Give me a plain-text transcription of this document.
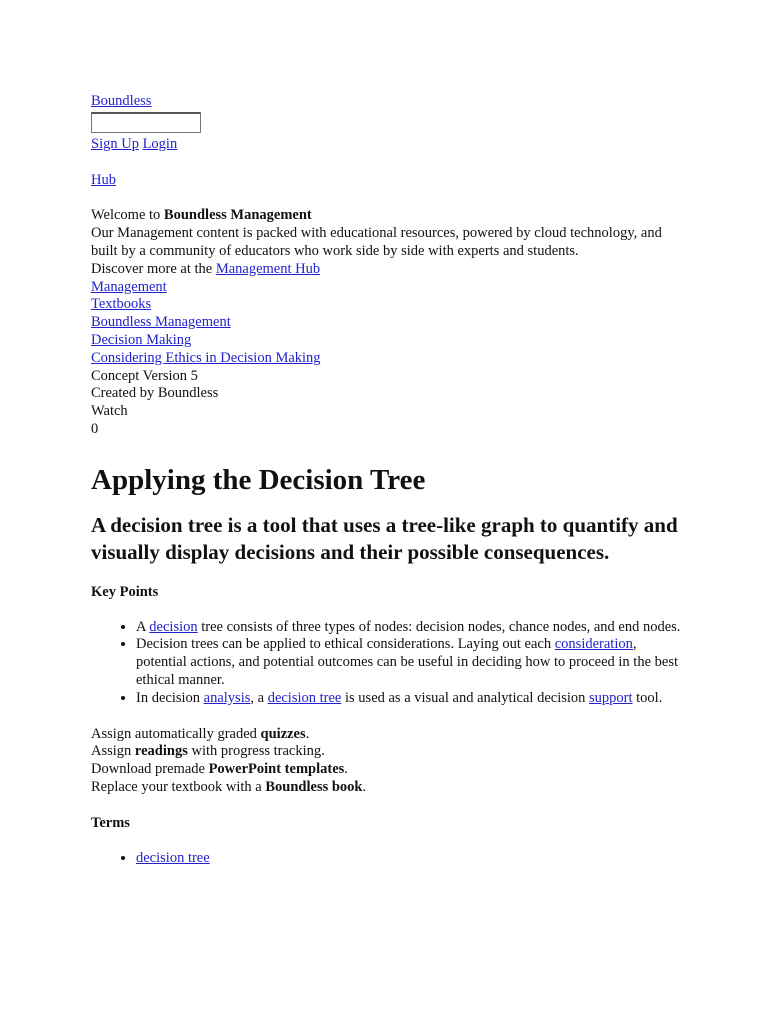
Boundless
Sign Up Login
Hub
Welcome to Boundless Management
Our Management content is packed with educational resources, powered by cloud technology, and built by a community of educators who work side by side with experts and students.
Discover more at the Management Hub
Management
Textbooks
Boundless Management
Decision Making
Considering Ethics in Decision Making
Concept Version 5
Created by Boundless
Watch
0
Applying the Decision Tree
A decision tree is a tool that uses a tree-like graph to quantify and visually display decisions and their possible consequences.
Key Points
• A decision tree consists of three types of nodes: decision nodes, chance nodes, and end nodes.
• Decision trees can be applied to ethical considerations. Laying out each consideration, potential actions, and potential outcomes can be useful in deciding how to proceed in the best ethical manner.
• In decision analysis, a decision tree is used as a visual and analytical decision support tool.

Assign automatically graded quizzes.

Assign readings with progress tracking.

Download premade PowerPoint templates.

Replace your textbook with a Boundless book.

Terms
• decision tree
